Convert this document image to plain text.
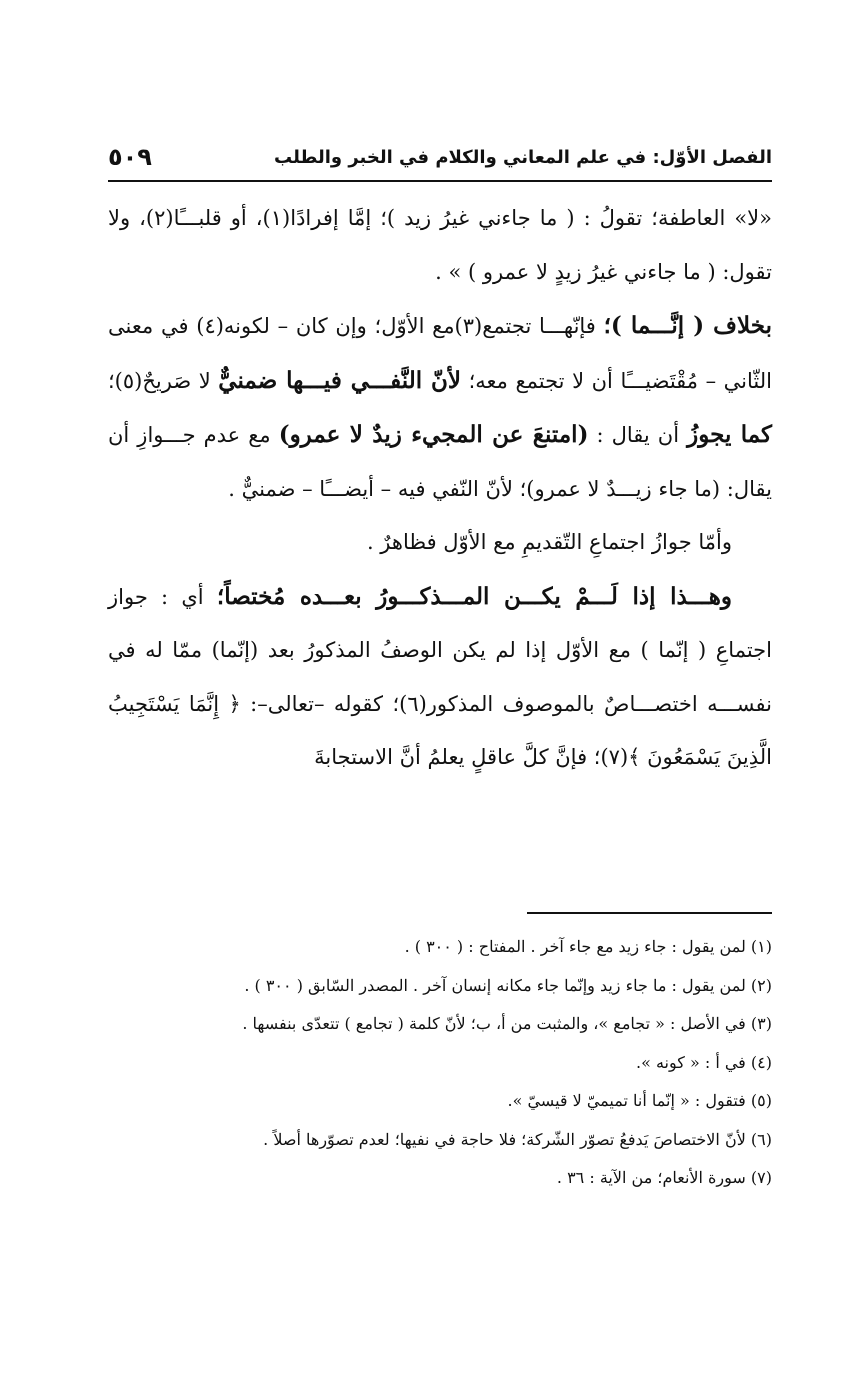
الفصل الأوّل: في علم المعاني والكلام في الخبر والطلب
٥٠٩

«لا» العاطفة؛ تقولُ : ( ما جاءني غيرُ زيد )؛ إمَّا إفرادًا(١)، أو قلبـــًا(٢)، ولا تقول: ( ما جاءني غيرُ زيدٍ لا عمرو ) » .

بخلاف ( إنَّـــما )؛ فإنّهـــا تجتمع(٣)مع الأوّل؛ وإن كان – لكونه(٤) في معنى الثّاني – مُقْتَضيـــًا أن لا تجتمع معه؛ لأنّ النَّفـــي فيـــها ضمنيٌّ لا صَريحٌ(٥)؛ كما يجوزُ أن يقال : (امتنعَ عن المجيء زيدٌ لا عمرو) مع عدم جـــوازِ أن يقال: (ما جاء زيـــدٌ لا عمرو)؛ لأنّ النّفي فيه – أيضـــًا – ضمنيٌّ .

وأمّا جوازُ اجتماعِ التّقديمِ مع الأوّل فظاهرٌ .

وهـــذا إذا لَـــمْ يكـــن المـــذكـــورُ بعـــده مُختصاً؛ أي : جواز اجتماعِ ( إنّما ) مع الأوّل إذا لم يكن الوصفُ المذكورُ بعد (إنّما) ممّا له في نفســـه اختصـــاصٌ بالموصوف المذكور(٦)؛ كقوله –تعالى–: ﴿ إِنَّمَا يَسْتَجِيبُ الَّذِينَ يَسْمَعُونَ ﴾(٧)؛ فإنَّ كلَّ عاقلٍ يعلمُ أنَّ الاستجابةَ

(١) لمن يقول : جاء زيد مع جاء آخر . المفتاح : ( ٣٠٠ ) .
(٢) لمن يقول : ما جاء زيد وإنّما جاء مكانه إنسان آخر . المصدر السّابق ( ٣٠٠ ) .
(٣) في الأصل : « تجامع »، والمثبت من أ، ب؛ لأنّ كلمة ( تجامع ) تتعدّى بنفسها .
(٤) في أ : « كونه ».
(٥) فتقول : « إنّما أنا تميميّ لا قيسيّ ».
(٦) لأنّ الاختصاصَ يَدفعُ تصوّر الشّركة؛ فلا حاجة في نفيها؛ لعدم تصوّرها أصلاً .
(٧) سورة الأنعام؛ من الآية : ٣٦ .
